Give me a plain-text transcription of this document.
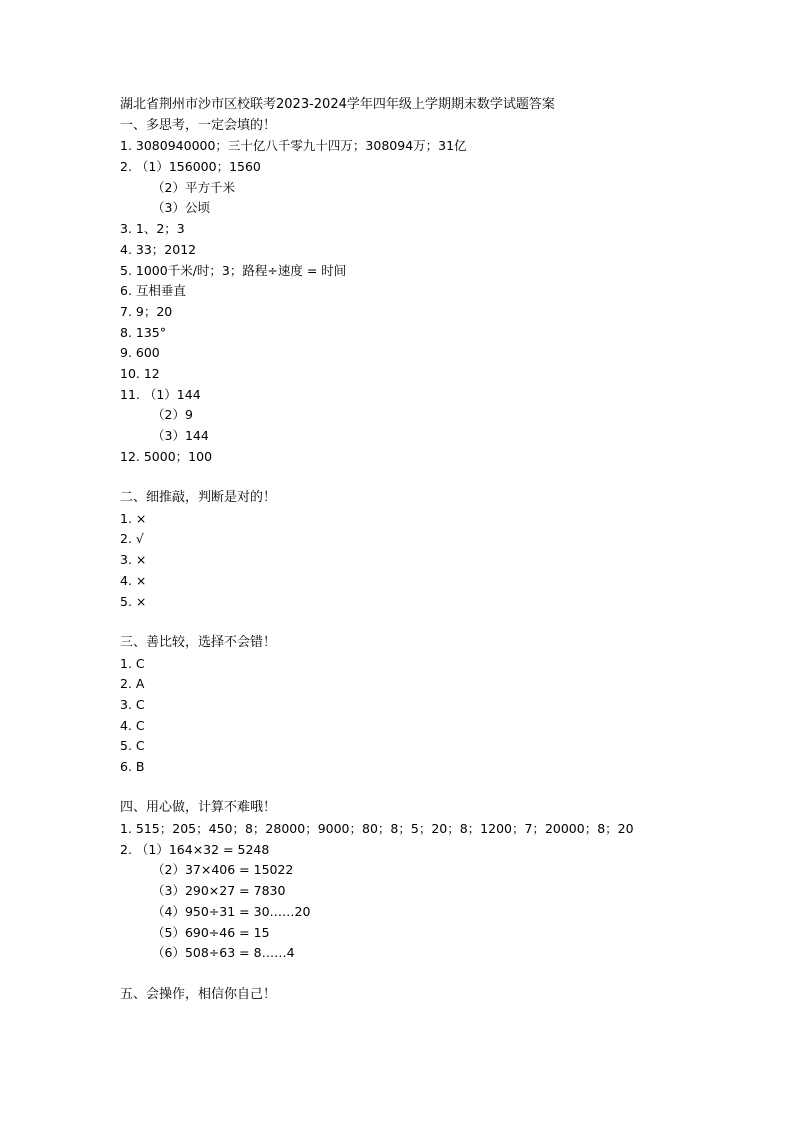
湖北省荆州市沙市区校联考2023-2024学年四年级上学期期末数学试题答案
一、多思考，一定会填的！
1. 3080940000；三十亿八千零九十四万；308094万；31亿
2. （1）156000；1560
（2）平方千米
（3）公顷
3. 1、2；3
4. 33；2012
5. 1000千米/时；3；路程÷速度 = 时间
6. 互相垂直
7. 9；20
8. 135°
9. 600
10. 12
11. （1）144
（2）9
（3）144
12. 5000；100
二、细推敲，判断是对的！
1. ×
2. √
3. ×
4. ×
5. ×
三、善比较，选择不会错！
1. C
2. A
3. C
4. C
5. C
6. B
四、用心做，计算不难哦！
1. 515；205；450；8；28000；9000；80；8；5；20；8；1200；7；20000；8；20
2. （1）164×32 = 5248
（2）37×406 = 15022
（3）290×27 = 7830
（4）950÷31 = 30……20
（5）690÷46 = 15
（6）508÷63 = 8……4
五、会操作，相信你自己！
